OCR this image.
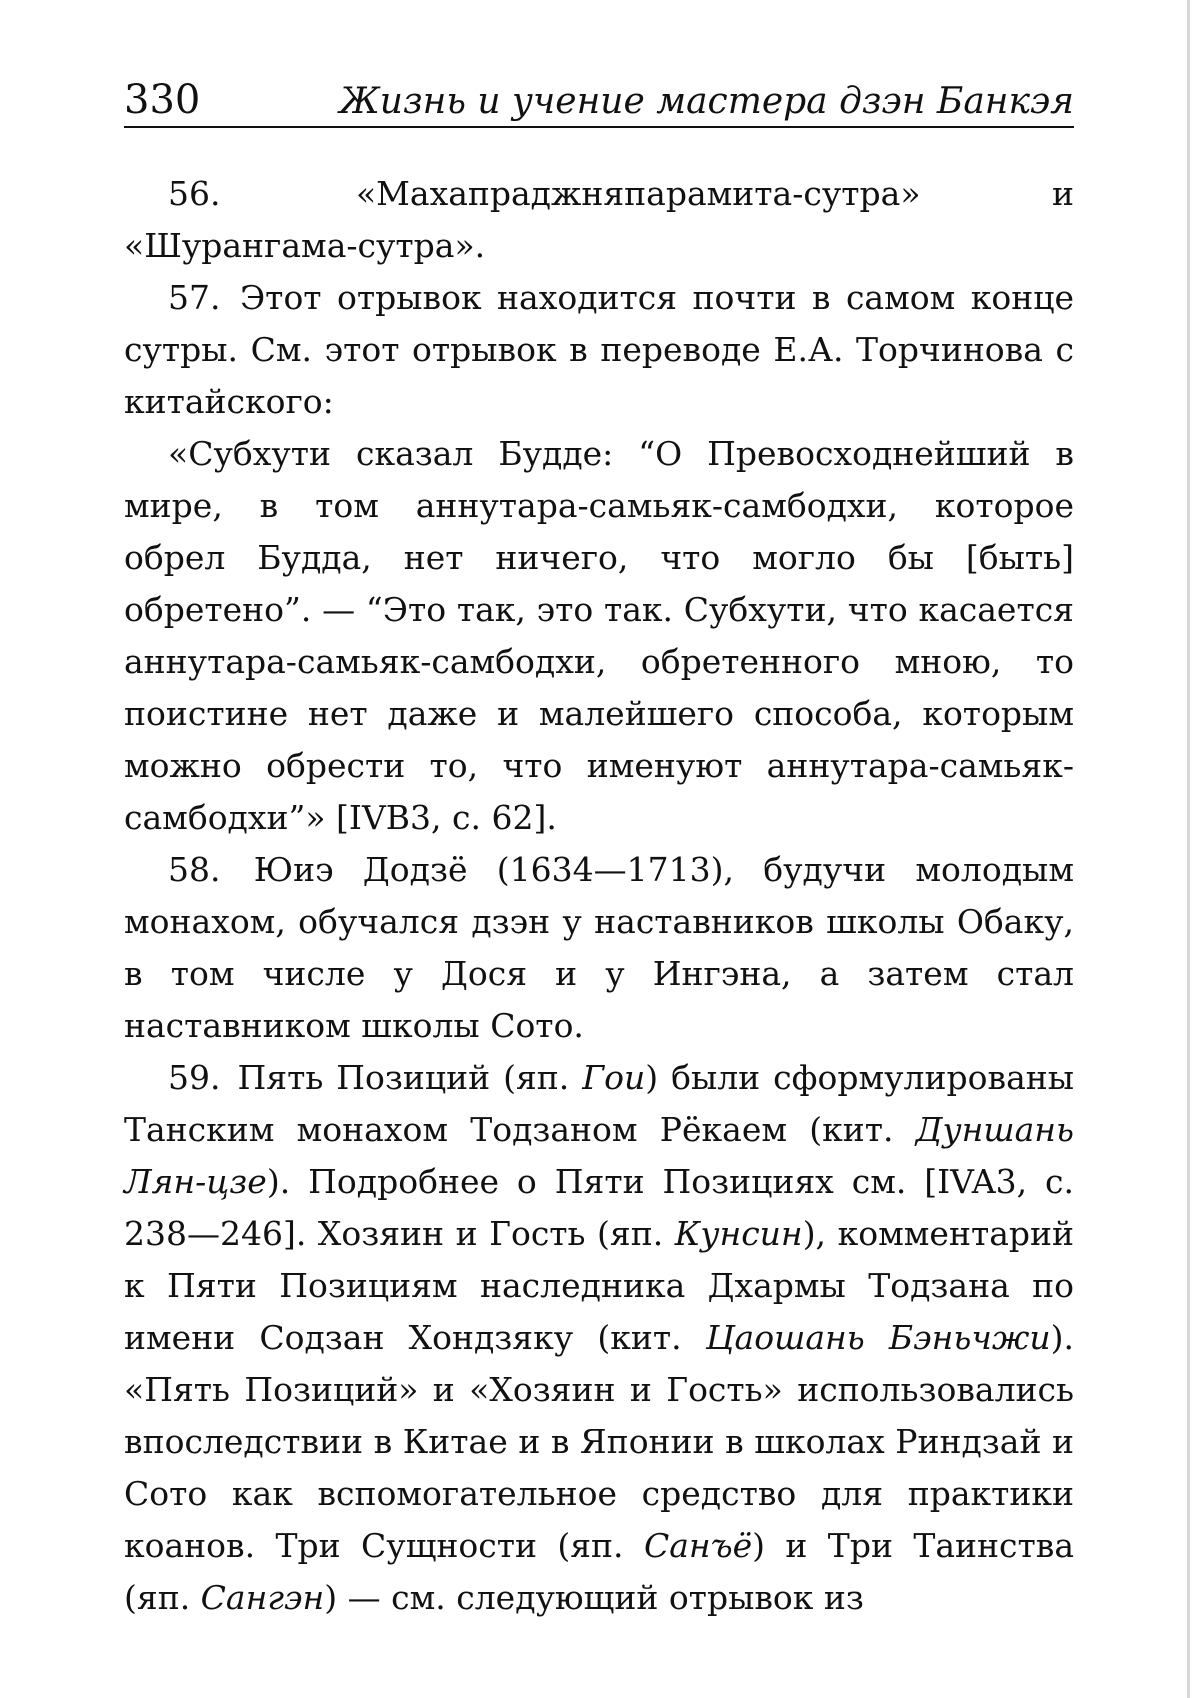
330	Жизнь и учение мастера дзэн Банкэя

56.	«Махапраджняпарамита-сутра» и «Шурангама-сутра».

57. Этот отрывок находится почти в самом конце сутры. См. этот отрывок в переводе Е.А. Торчинова с китайского:

«Субхути сказал Будде: “О Превосходнейший в мире, в том аннутара-самьяк-самбодхи, которое обрел Будда, нет ничего, что могло бы [быть] обретено”. — “Это так, это так. Субхути, что касается аннутара-самьяк-самбодхи, обретенного мною, то поистине нет даже и малейшего способа, которым можно обрести то, что именуют аннутара-самьяк-самбодхи”» [IVB3, с. 62].

58. Юиэ Додзё (1634—1713), будучи молодым монахом, обучался дзэн у наставников школы Обаку, в том числе у Дося и у Ингэна, а затем стал наставником школы Сото.

59. Пять Позиций (яп. Гои) были сформулированы Танским монахом Тодзаном Рёкаем (кит. Дуншань Лян-цзе). Подробнее о Пяти Позициях см. [IVA3, с. 238—246]. Хозяин и Гость (яп. Кунсин), комментарий к Пяти Позициям наследника Дхармы Тодзана по имени Содзан Хондзяку (кит. Цаошань Бэньчжи). «Пять Позиций» и «Хозяин и Гость» использовались впоследствии в Китае и в Японии в школах Риндзай и Сото как вспомогательное средство для практики коанов. Три Сущности (яп. Санъё) и Три Таинства (яп. Сангэн) — см. следующий отрывок из
